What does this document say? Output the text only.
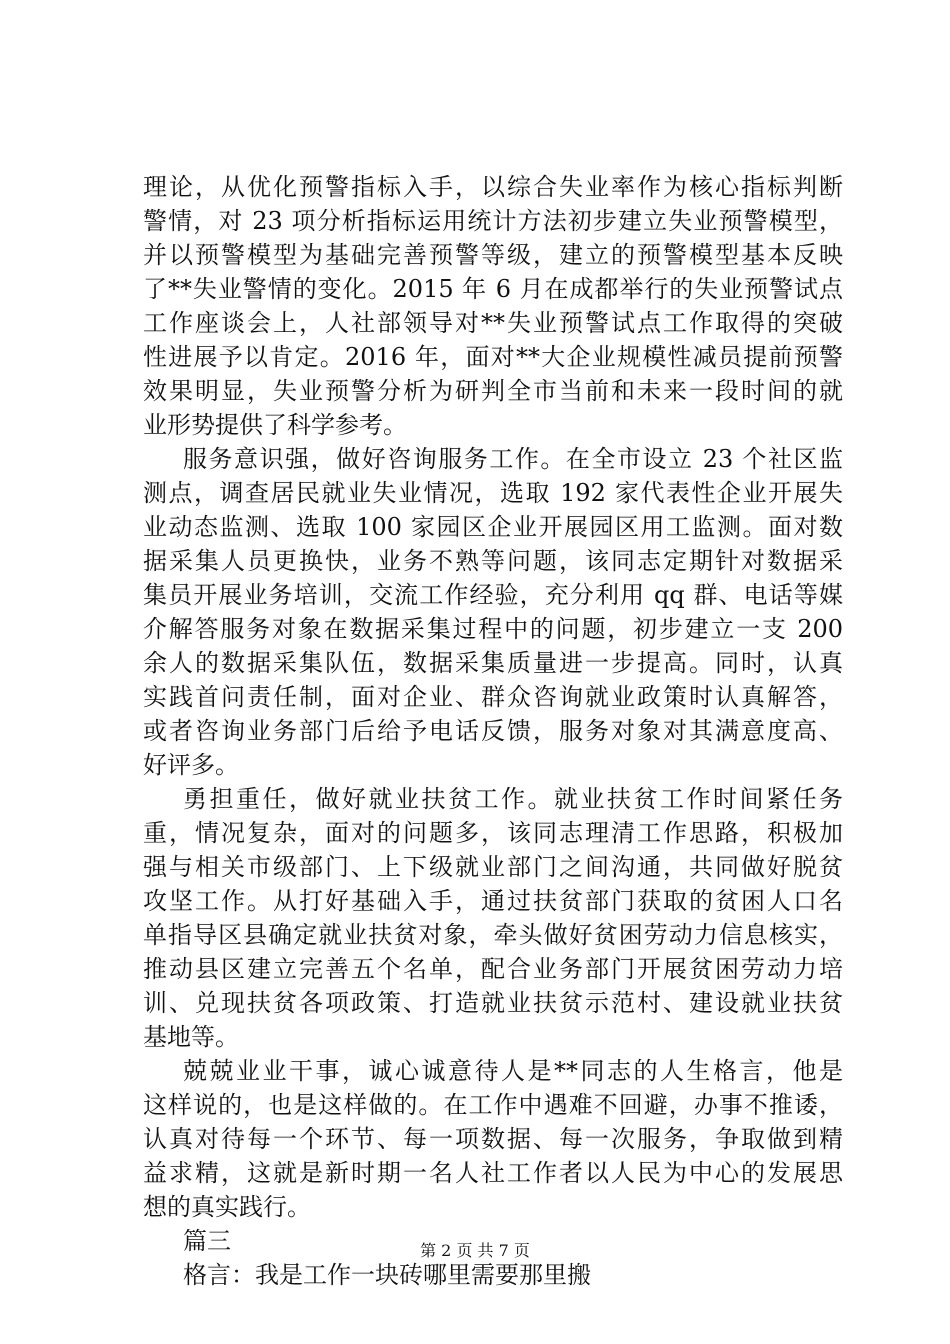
理论，从优化预警指标入手，以综合失业率作为核心指标判断
警情，对 23 项分析指标运用统计方法初步建立失业预警模型，
并以预警模型为基础完善预警等级，建立的预警模型基本反映
了**失业警情的变化。2015 年 6 月在成都举行的失业预警试点
工作座谈会上，人社部领导对**失业预警试点工作取得的突破
性进展予以肯定。2016 年，面对**大企业规模性减员提前预警
效果明显，失业预警分析为研判全市当前和未来一段时间的就
业形势提供了科学参考。
服务意识强，做好咨询服务工作。在全市设立 23 个社区监
测点，调查居民就业失业情况，选取 192 家代表性企业开展失
业动态监测、选取 100 家园区企业开展园区用工监测。面对数
据采集人员更换快，业务不熟等问题，该同志定期针对数据采
集员开展业务培训，交流工作经验，充分利用 qq 群、电话等媒
介解答服务对象在数据采集过程中的问题，初步建立一支 200
余人的数据采集队伍，数据采集质量进一步提高。同时，认真
实践首问责任制，面对企业、群众咨询就业政策时认真解答，
或者咨询业务部门后给予电话反馈，服务对象对其满意度高、
好评多。
勇担重任，做好就业扶贫工作。就业扶贫工作时间紧任务
重，情况复杂，面对的问题多，该同志理清工作思路，积极加
强与相关市级部门、上下级就业部门之间沟通，共同做好脱贫
攻坚工作。从打好基础入手，通过扶贫部门获取的贫困人口名
单指导区县确定就业扶贫对象，牵头做好贫困劳动力信息核实，
推动县区建立完善五个名单，配合业务部门开展贫困劳动力培
训、兑现扶贫各项政策、打造就业扶贫示范村、建设就业扶贫
基地等。
兢兢业业干事，诚心诚意待人是**同志的人生格言，他是
这样说的，也是这样做的。在工作中遇难不回避，办事不推诿，
认真对待每一个环节、每一项数据、每一次服务，争取做到精
益求精，这就是新时期一名人社工作者以人民为中心的发展思
想的真实践行。
篇三
格言：我是工作一块砖哪里需要那里搬
第 2 页 共 7 页
